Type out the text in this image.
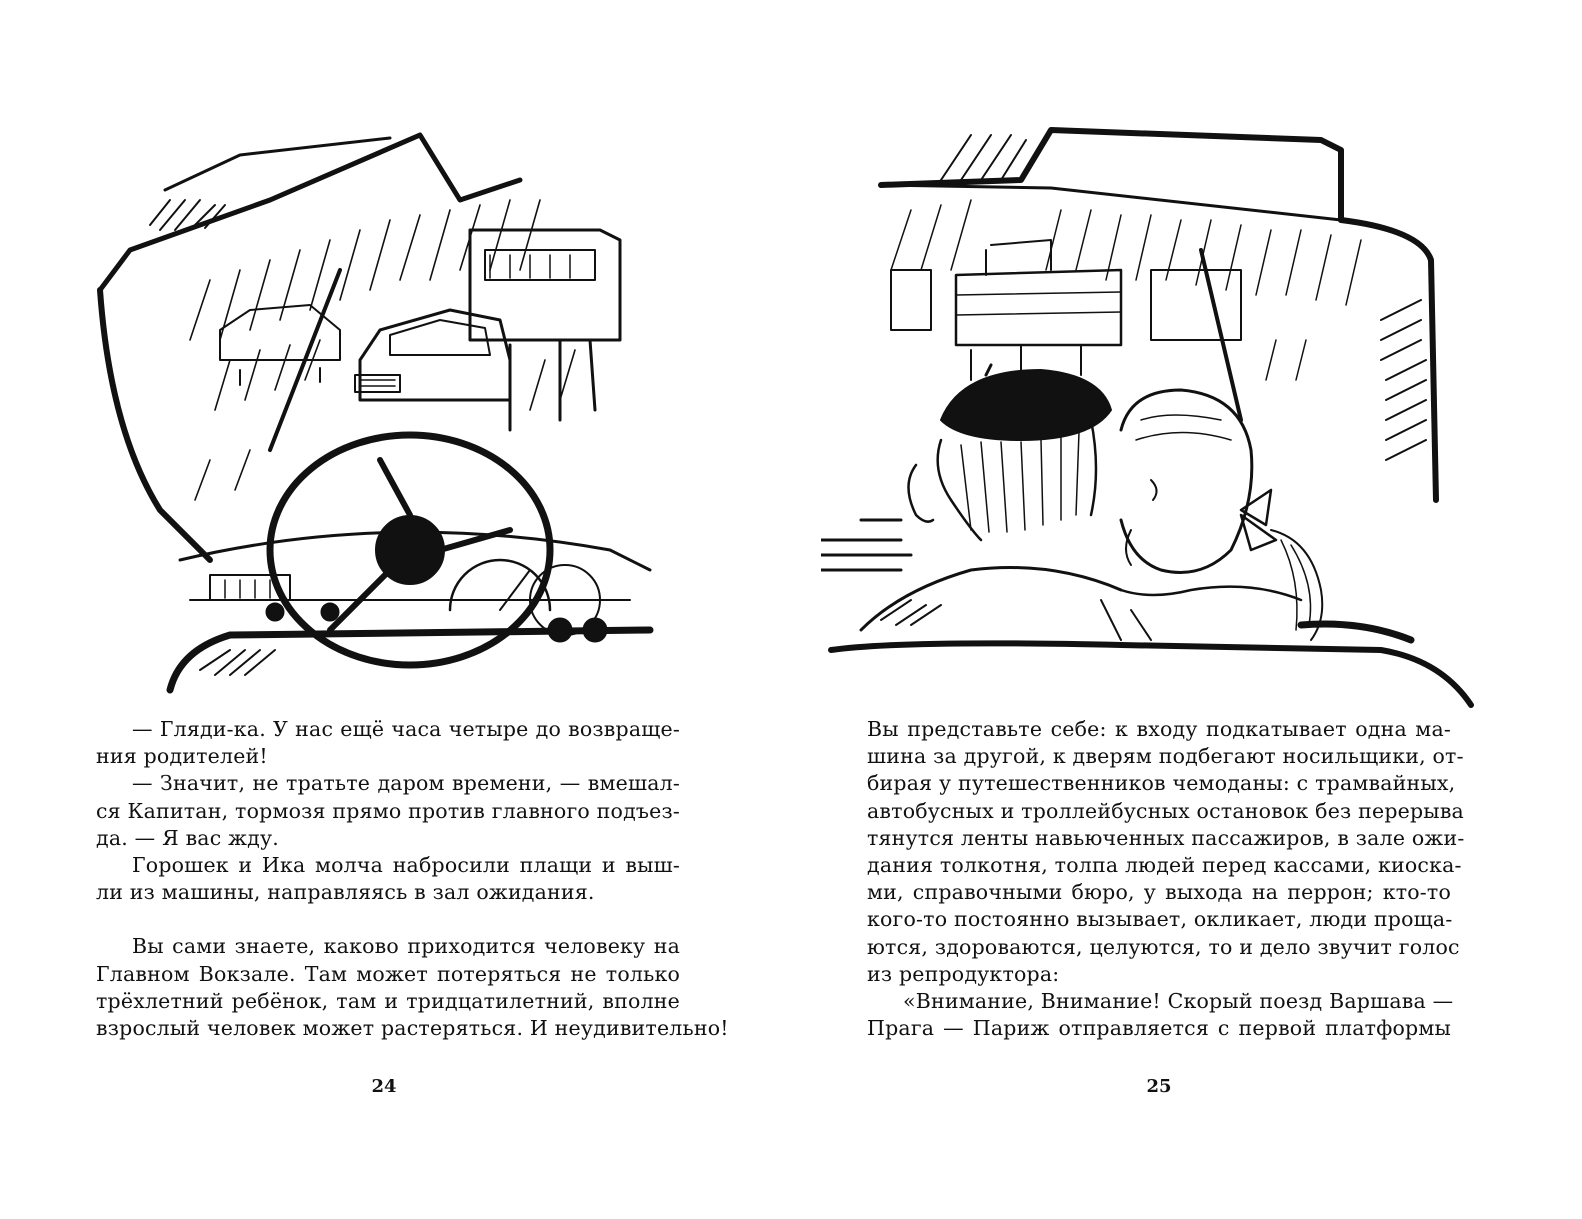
— Гляди-ка. У нас ещё часа четыре до возвраще-
ния родителей!
— Значит, не тратьте даром времени, — вмешал-
ся Капитан, тормозя прямо против главного подъез-
да. — Я вас жду.
Горошек и Ика молча набросили плащи и выш-
ли из машины, направляясь в зал ожидания.
Вы сами знаете, каково приходится человеку на
Главном Вокзале. Там может потеряться не только
трёхлетний ребёнок, там и тридцатилетний, вполне
взрослый человек может растеряться. И неудивительно!
24
Вы представьте себе: к входу подкатывает одна ма-
шина за другой, к дверям подбегают носильщики, от-
бирая у путешественников чемоданы: с трамвайных,
автобусных и троллейбусных остановок без перерыва
тянутся ленты навьюченных пассажиров, в зале ожи-
дания толкотня, толпа людей перед кассами, киоска-
ми, справочными бюро, у выхода на перрон; кто-то
кого-то постоянно вызывает, окликает, люди проща-
ются, здороваются, целуются, то и дело звучит голос
из репродуктора:
«Внимание, Внимание! Скорый поезд Варшава —
Прага — Париж отправляется с первой платформы
25
